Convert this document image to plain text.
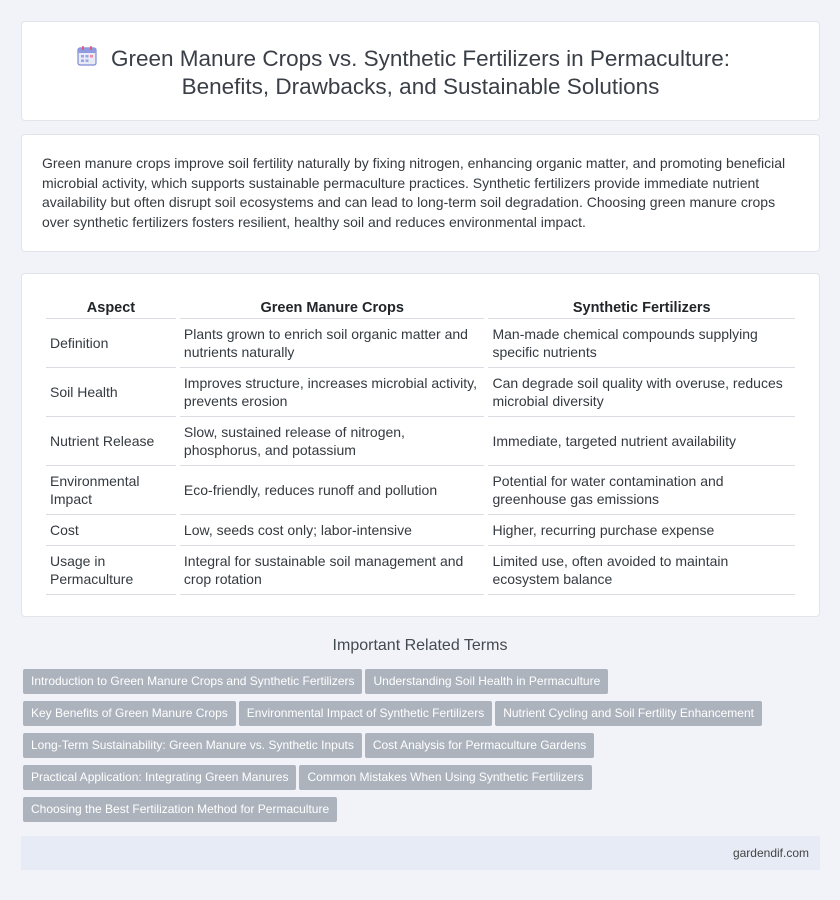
Green Manure Crops vs. Synthetic Fertilizers in Permaculture:
Benefits, Drawbacks, and Sustainable Solutions

Green manure crops improve soil fertility naturally by fixing nitrogen, enhancing organic matter, and promoting beneficial microbial activity, which supports sustainable permaculture practices. Synthetic fertilizers provide immediate nutrient availability but often disrupt soil ecosystems and can lead to long-term soil degradation. Choosing green manure crops over synthetic fertilizers fosters resilient, healthy soil and reduces environmental impact.

Aspect	Green Manure Crops	Synthetic Fertilizers
Definition	Plants grown to enrich soil organic matter and nutrients naturally	Man-made chemical compounds supplying specific nutrients
Soil Health	Improves structure, increases microbial activity, prevents erosion	Can degrade soil quality with overuse, reduces microbial diversity
Nutrient Release	Slow, sustained release of nitrogen, phosphorus, and potassium	Immediate, targeted nutrient availability
Environmental Impact	Eco-friendly, reduces runoff and pollution	Potential for water contamination and greenhouse gas emissions
Cost	Low, seeds cost only; labor-intensive	Higher, recurring purchase expense
Usage in Permaculture	Integral for sustainable soil management and crop rotation	Limited use, often avoided to maintain ecosystem balance
Important Related Terms
Introduction to Green Manure Crops and Synthetic Fertilizers Understanding Soil Health in Permaculture
Key Benefits of Green Manure Crops Environmental Impact of Synthetic Fertilizers Nutrient Cycling and Soil Fertility Enhancement
Long-Term Sustainability: Green Manure vs. Synthetic Inputs Cost Analysis for Permaculture Gardens
Practical Application: Integrating Green Manures Common Mistakes When Using Synthetic Fertilizers
Choosing the Best Fertilization Method for Permaculture
gardendif.com
